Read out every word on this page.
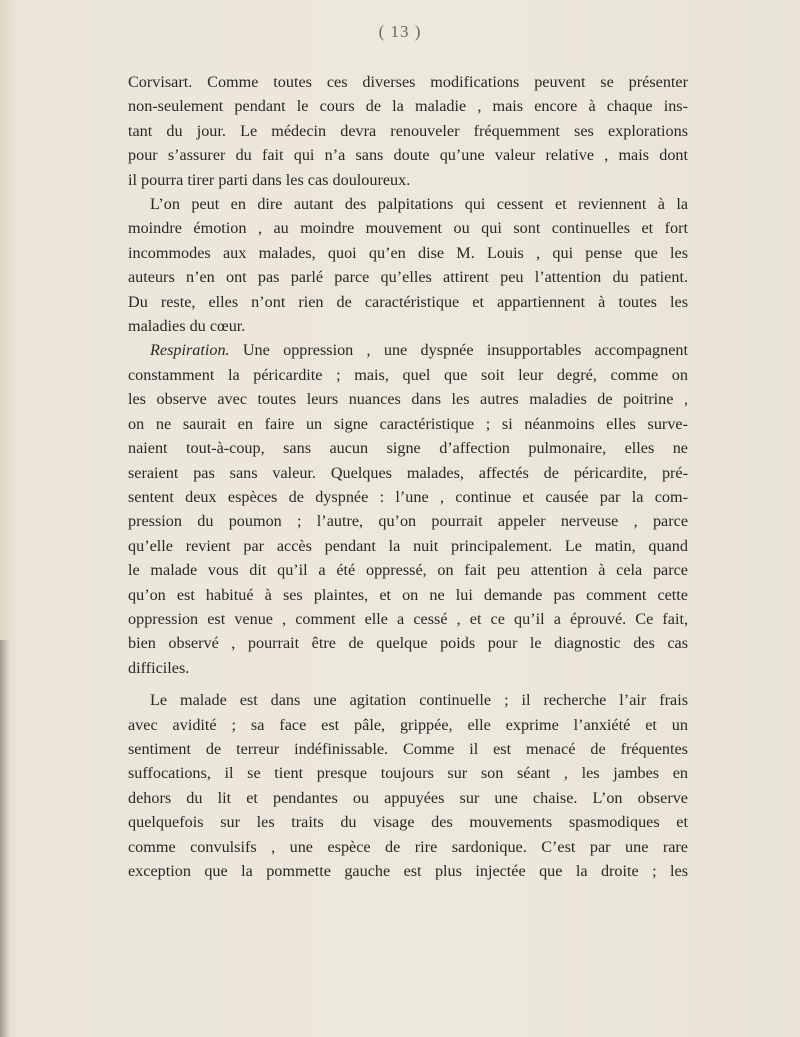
( 13 )

Corvisart. Comme toutes ces diverses modifications peuvent se présenter
non-seulement pendant le cours de la maladie , mais encore à chaque ins-
tant du jour. Le médecin devra renouveler fréquemment ses explorations
pour s’assurer du fait qui n’a sans doute qu’une valeur relative , mais dont
il pourra tirer parti dans les cas douloureux.

L’on peut en dire autant des palpitations qui cessent et reviennent à la
moindre émotion , au moindre mouvement ou qui sont continuelles et fort
incommodes aux malades, quoi qu’en dise M. Louis , qui pense que les
auteurs n’en ont pas parlé parce qu’elles attirent peu l’attention du patient.
Du reste, elles n’ont rien de caractéristique et appartiennent à toutes les
maladies du cœur.

Respiration. Une oppression , une dyspnée insupportables accompagnent
constamment la péricardite ; mais, quel que soit leur degré, comme on
les observe avec toutes leurs nuances dans les autres maladies de poitrine ,
on ne saurait en faire un signe caractéristique ; si néanmoins elles surve-
naient tout-à-coup, sans aucun signe d’affection pulmonaire, elles ne
seraient pas sans valeur. Quelques malades, affectés de péricardite, pré-
sentent deux espèces de dyspnée : l’une , continue et causée par la com-
pression du poumon ; l’autre, qu’on pourrait appeler nerveuse , parce
qu’elle revient par accès pendant la nuit principalement. Le matin, quand
le malade vous dit qu’il a été oppressé, on fait peu attention à cela parce
qu’on est habitué à ses plaintes, et on ne lui demande pas comment cette
oppression est venue , comment elle a cessé , et ce qu’il a éprouvé. Ce fait,
bien observé , pourrait être de quelque poids pour le diagnostic des cas
difficiles.

Le malade est dans une agitation continuelle ; il recherche l’air frais
avec avidité ; sa face est pâle, grippée, elle exprime l’anxiété et un
sentiment de terreur indéfinissable. Comme il est menacé de fréquentes
suffocations, il se tient presque toujours sur son séant , les jambes en
dehors du lit et pendantes ou appuyées sur une chaise. L’on observe
quelquefois sur les traits du visage des mouvements spasmodiques et
comme convulsifs , une espèce de rire sardonique. C’est par une rare
exception que la pommette gauche est plus injectée que la droite ; les
